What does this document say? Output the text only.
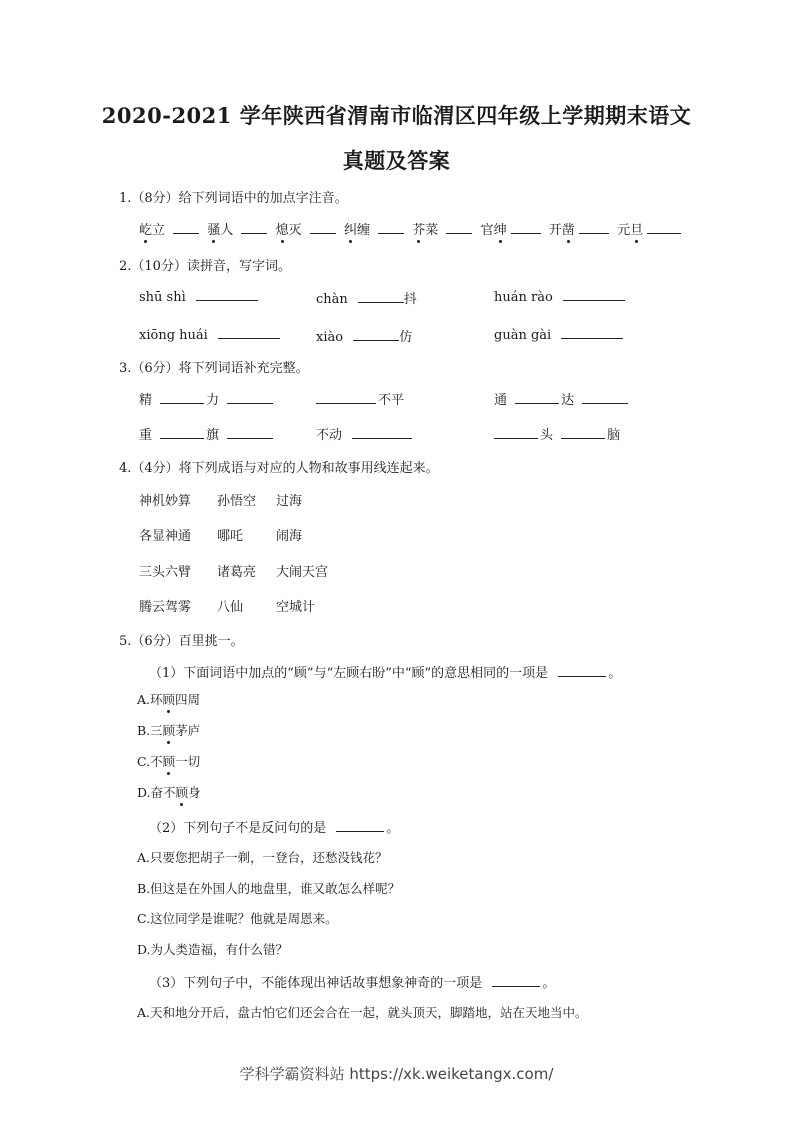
2020-2021 学年陕西省渭南市临渭区四年级上学期期末语文
真题及答案
1.（8分）给下列词语中的加点字注音。
屹立	骚人	熄灭	纠缠	芥菜	官绅	开凿	元旦
2.（10分）读拼音，写字词。
shū shì	chàn	抖	huán rào
xiōng huái	xiào	仿	guàn gài
3.（6分）将下列词语补充完整。
精	力	不平	通	达
重	旗	不动	头	脑
4.（4分）将下列成语与对应的人物和故事用线连起来。
神机妙算 孙悟空 过海
各显神通 哪吒	闹海
三头六臂 诸葛亮 大闹天宫
腾云驾雾 八仙	空城计
5.（6分）百里挑一。
（1）下面词语中加点的“顾”与“左顾右盼”中“顾”的意思相同的一项是	。
A.环顾四周
B.三顾茅庐
C.不顾一切
D.奋不顾身
（2）下列句子不是反问句的是	。
A.只要您把胡子一剃，一登台，还愁没钱花？
B.但这是在外国人的地盘里，谁又敢怎么样呢？
C.这位同学是谁呢？他就是周恩来。
D.为人类造福，有什么错？
（3）下列句子中，不能体现出神话故事想象神奇的一项是	。
A.天和地分开后，盘古怕它们还会合在一起，就头顶天，脚踏地，站在天地当中。
学科学霸资料站 https://xk.weiketangx.com/
